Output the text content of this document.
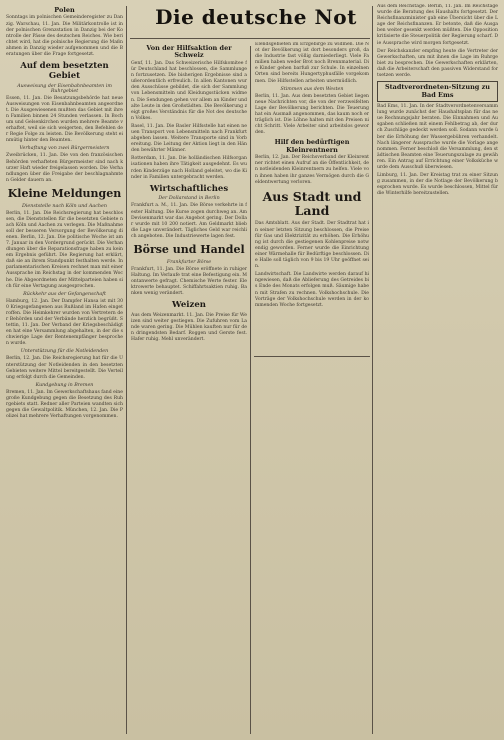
Die deutsche Not
Polen

Sonntags im polnischen Gemeinderegister zu Danzig. Warschau, 11. Jan. Die Militärkontrolle ist in der polnischen Grenzstation in Danzig bei der Kontrolle der Pässe des deutschen Reiches. Wie berichtet wird, hat die polnische Regierung die Maßnahmen in Danzig wieder aufgenommen und die Beratungen über die Frage fortgesetzt.

Auf dem besetzten Gebiet
Ausweisung der Eisenbahnbeamten im Ruhrgebiet

Essen, 11. Jan. Die Besatzungsbehörde hat neue Ausweisungen von Eisenbahnbeamten angeordnet. Die Ausgewiesenen mußten das Gebiet mit ihren Familien binnen 24 Stunden verlassen. In Bochum und Gelsenkirchen wurden mehrere Beamte verhaftet, weil sie sich weigerten, den Befehlen der Regie Folge zu leisten. Die Bevölkerung steht einmütig hinter den Beamten.

Verhaftung von zwei Bürgermeistern

Zweibrücken, 11. Jan. Die von den französischen Behörden verhafteten Bürgermeister sind nach kurzer Haft wieder freigelassen worden. Die Verhandlungen über die Freigabe der beschlagnahmten Gelder dauern an.

Kleine Meldungen
Dienststelle nach Köln und Aachen

Berlin, 11. Jan. Die Reichsregierung hat beschlossen, die Dienststellen für die besetzten Gebiete nach Köln und Aachen zu verlegen. Die Maßnahme soll der besseren Versorgung der Bevölkerung dienen. Berlin, 12. Jan. Die politische Woche ist am 7. Januar in den Vordergrund gerückt. Die Verhandlungen über die Reparationsfrage haben zu keinem Ergebnis geführt. Die Regierung hat erklärt, daß sie an ihrem Standpunkt festhalten werde. In parlamentarischen Kreisen rechnet man mit einer Aussprache im Reichstag in der kommenden Woche. Die Abgeordneten der Mittelparteien haben sich für eine Vertagung ausgesprochen.

Rückkehr aus der Gefangenschaft

Hamburg, 12. Jan. Der Dampfer Hansa ist mit 300 Kriegsgefangenen aus Rußland im Hafen eingetroffen. Die Heimkehrer wurden von Vertretern der Behörden und der Verbände herzlich begrüßt. Stettin, 11. Jan. Der Verband der Kriegsbeschädigten hat eine Versammlung abgehalten, in der die schwierige Lage der Rentenempfänger besprochen wurde.

Unterstützung für die Notleidenden

Berlin, 12. Jan. Die Reichsregierung hat für die Unterstützung der Notleidenden in den besetzten Gebieten weitere Mittel bereitgestellt. Die Verteilung erfolgt durch die Gemeinden.

Kundgebung in Bremen

Bremen, 11. Jan. Im Gewerkschaftshaus fand eine große Kundgebung gegen die Besetzung des Ruhrgebiets statt. Redner aller Parteien wandten sich gegen die Gewaltpolitik. München, 12. Jan. Die Polizei hat mehrere Verhaftungen vorgenommen.

Von der Hilfsaktion der Schweiz

Genf, 11. Jan. Das Schweizerische Hilfskomitee für Deutschland hat beschlossen, die Sammlungen fortzusetzen. Die bisherigen Ergebnisse sind außerordentlich erfreulich. In allen Kantonen wurden Ausschüsse gebildet, die sich der Sammlung von Lebensmitteln und Kleidungsstücken widmen. Die Sendungen gehen vor allem an Kinder und alte Leute in den Großstädten. Die Bevölkerung zeigt großes Verständnis für die Not des deutschen Volkes.

Basel, 11. Jan. Die Basler Hilfsstelle hat einen neuen Transport von Lebensmitteln nach Frankfurt abgehen lassen. Weitere Transporte sind in Vorbereitung. Die Leitung der Aktion liegt in den Händen bewährter Männer.

Rotterdam, 11. Jan. Die holländischen Hilfsorganisationen haben ihre Tätigkeit ausgedehnt. Es wurden Kinderzüge nach Holland geleitet, wo die Kinder in Familien untergebracht werden.

Wirtschaftliches
Der Dollarstand in Berlin

Frankfurt a. M., 11. Jan. Die Börse verkehrte in fester Haltung. Die Kurse zogen durchweg an. Am Devisenmarkt war das Angebot gering. Der Dollar wurde mit 10 200 notiert. Am Geldmarkt blieb die Lage unverändert. Tägliches Geld war reichlich angeboten. Die Industriewerte lagen fest.

Börse und Handel
Frankfurter Börse

Frankfurt, 11. Jan. Die Börse eröffnete in ruhiger Haltung. Im Verlaufe trat eine Befestigung ein. Montanwerte gefragt. Chemische Werte fester. Elektrowerte behauptet. Schiffahrtsaktien ruhig. Banken wenig verändert.

Weizen

Aus dem Weizenmarkt. 11. Jan. Die Preise für Weizen sind weiter gestiegen. Die Zufuhren vom Lande waren gering. Die Mühlen kauften nur für den dringendsten Bedarf. Roggen und Gerste fest. Hafer ruhig. Mehl unverändert.

Elendsgebieten im Erzgebirge zu widmen. Die Not der Bevölkerung ist dort besonders groß, da die Industrie fast völlig darniederliegt. Viele Familien haben weder Brot noch Brennmaterial. Die Kinder gehen barfuß zur Schule. In einzelnen Orten sind bereits Hungertyphusfälle vorgekommen. Die Hilfsstellen arbeiten unermüdlich.

Stimmen aus dem Westen

Berlin, 11. Jan. Aus dem besetzten Gebiet liegen neue Nachrichten vor, die von der verzweifelten Lage der Bevölkerung berichten. Die Teuerung hat ein Ausmaß angenommen, das kaum noch erträglich ist. Die Löhne halten mit den Preisen nicht Schritt. Viele Arbeiter sind arbeitslos geworden.

Hilf den bedürftigen Kleinrentnern

Berlin, 12. Jan. Der Reichsverband der Kleinrentner richtet einen Aufruf an die Öffentlichkeit, den notleidenden Kleinrentnern zu helfen. Viele von ihnen haben ihr ganzes Vermögen durch die Geldentwertung verloren.

Aus Stadt und Land

Das Amtsblatt. Aus der Stadt. Der Stadtrat hat in seiner letzten Sitzung beschlossen, die Preise für Gas und Elektrizität zu erhöhen. Die Erhöhung ist durch die gestiegenen Kohlenpreise notwendig geworden. Ferner wurde die Einrichtung einer Wärmehalle für Bedürftige beschlossen. Die Halle soll täglich von 9 bis 19 Uhr geöffnet sein.

Landwirtschaft. Die Landwirte werden darauf hingewiesen, daß die Ablieferung des Getreides bis Ende des Monats erfolgen muß. Säumige haben mit Strafen zu rechnen. Volkshochschule. Die Vorträge der Volkshochschule werden in der kommenden Woche fortgesetzt.

Aus dem Reichstage. Berlin, 11. Jan. Im Reichstage wurde die Beratung des Haushalts fortgesetzt. Der Reichsfinanzminister gab eine Übersicht über die Lage der Reichsfinanzen. Er betonte, daß die Ausgaben weiter gesenkt werden müßten. Die Opposition kritisierte die Steuerpolitik der Regierung scharf. Die Aussprache wird morgen fortgesetzt.

Der Reichskanzler empfing heute die Vertreter der Gewerkschaften, um mit ihnen die Lage im Ruhrgebiet zu besprechen. Die Gewerkschaften erklärten, daß die Arbeiterschaft den passiven Widerstand fortsetzen werde.

Stadtverordneten-Sitzung zu Bad Ems

Bad Ems, 11. Jan. In der Stadtverordnetenversammlung wurde zunächst der Haushaltsplan für das neue Rechnungsjahr beraten. Die Einnahmen und Ausgaben schließen mit einem Fehlbetrag ab, der durch Zuschläge gedeckt werden soll. Sodann wurde über die Erhöhung der Wassergebühren verhandelt. Nach längerer Aussprache wurde die Vorlage angenommen. Ferner beschloß die Versammlung, den städtischen Beamten eine Teuerungszulage zu gewähren. Ein Antrag auf Errichtung einer Volksküche wurde dem Ausschuß überwiesen.

Limburg, 11. Jan. Der Kreistag trat zu einer Sitzung zusammen, in der die Notlage der Bevölkerung besprochen wurde. Es wurde beschlossen, Mittel für die Winterhilfe bereitzustellen.
